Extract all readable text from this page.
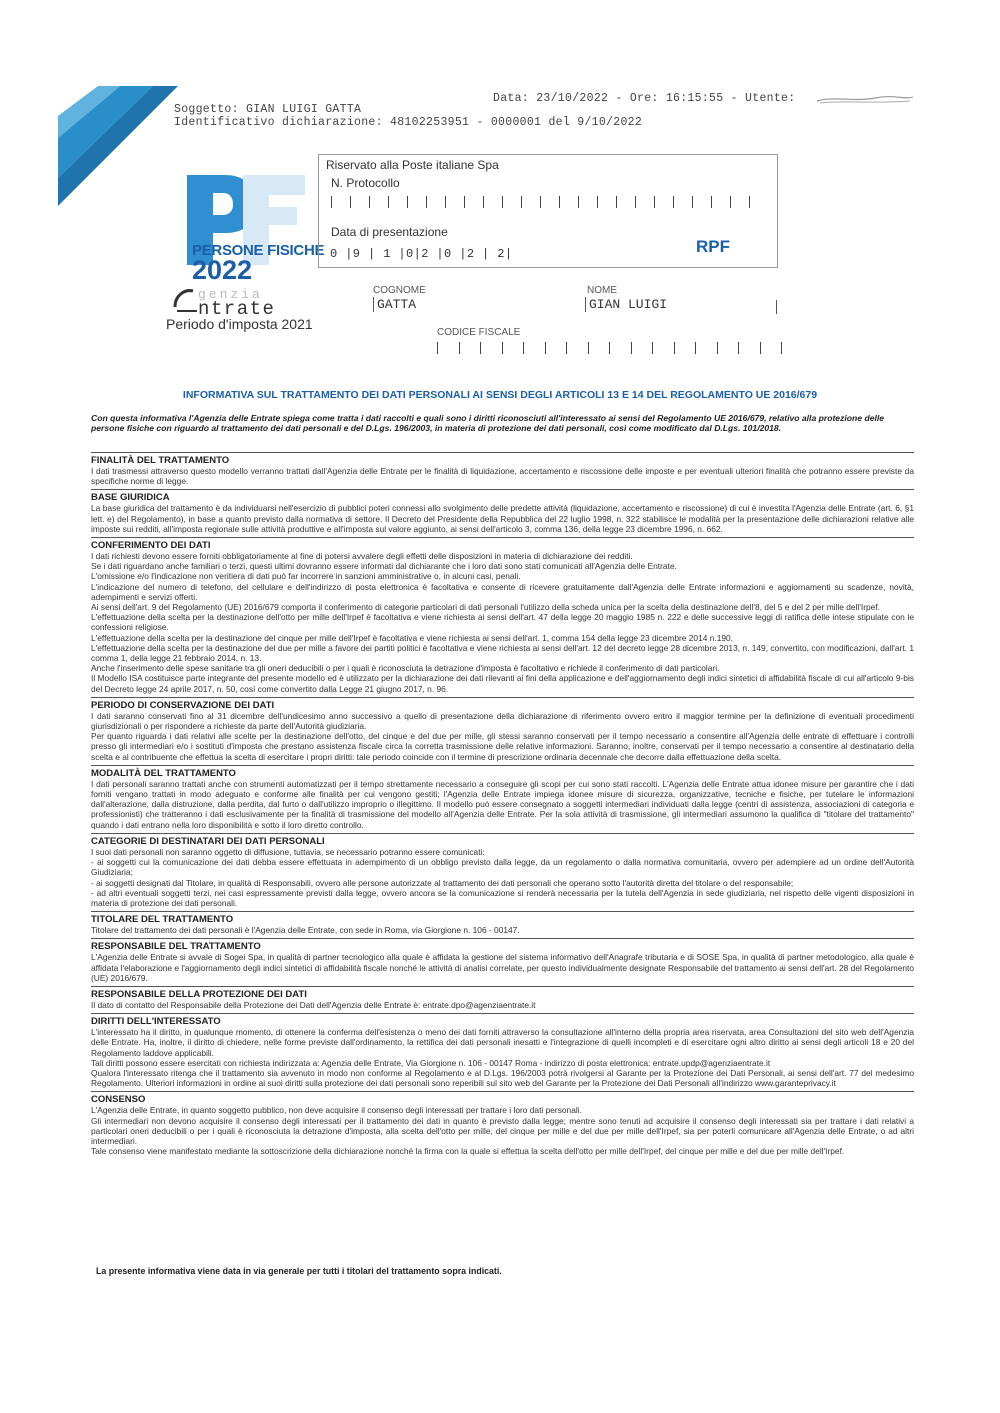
Soggetto: GIAN LUIGI GATTA
Identificativo dichiarazione: 48102253951 - 0000001 del 9/10/2022
Data: 23/10/2022 - Ore: 16:15:55 - Utente:
PERSONE FISICHE
2022
genzia
ntrate
Periodo d'imposta 2021
Riservato alla Poste italiane Spa
N. Protocollo
Data di presentazione
0 |9 | 1 |0|2 |0 |2 | 2|	RPF
COGNOME
GATTA
NOME
GIAN LUIGI
CODICE FISCALE
INFORMATIVA SUL TRATTAMENTO DEI DATI PERSONALI AI SENSI DEGLI ARTICOLI 13 E 14 DEL REGOLAMENTO UE 2016/679
Con questa informativa l'Agenzia delle Entrate spiega come tratta i dati raccolti e quali sono i diritti riconosciuti all'interessato ai sensi del Regolamento UE 2016/679, relativo alla protezione delle persone fisiche con riguardo al trattamento dei dati personali e del D.Lgs. 196/2003, in materia di protezione dei dati personali, così come modificato dal D.Lgs. 101/2018.
FINALITÀ DEL TRATTAMENTO
I dati trasmessi attraverso questo modello verranno trattati dall'Agenzia delle Entrate per le finalità di liquidazione, accertamento e riscossione delle imposte e per eventuali ulteriori finalità che potranno essere previste da specifiche norme di legge.
BASE GIURIDICA
La base giuridica del trattamento è da individuarsi nell'esercizio di pubblici poteri connessi allo svolgimento delle predette attività (liquidazione, accertamento e riscossione) di cui è investita l'Agenzia delle Entrate (art. 6, §1 lett. e) del Regolamento), in base a quanto previsto dalla normativa di settore. Il Decreto del Presidente della Repubblica del 22 luglio 1998, n. 322 stabilisce le modalità per la presentazione delle dichiarazioni relative alle imposte sui redditi, all'imposta regionale sulle attività produttive e all'imposta sul valore aggiunto, ai sensi dell'articolo 3, comma 136, della legge 23 dicembre 1996, n. 662.
CONFERIMENTO DEI DATI
I dati richiesti devono essere forniti obbligatoriamente al fine di potersi avvalere degli effetti delle disposizioni in materia di dichiarazione dei redditi.
Se i dati riguardano anche familiari o terzi, questi ultimi dovranno essere informati dal dichiarante che i loro dati sono stati comunicati all'Agenzia delle Entrate.
L'omissione e/o l'indicazione non veritiera di dati può far incorrere in sanzioni amministrative o, in alcuni casi, penali.
L'indicazione del numero di telefono, del cellulare e dell'indirizzo di posta elettronica è facoltativa e consente di ricevere gratuitamente dall'Agenzia delle Entrate informazioni e aggiornamenti su scadenze, novità, adempimenti e servizi offerti.
Ai sensi dell'art. 9 del Regolamento (UE) 2016/679 comporta il conferimento di categorie particolari di dati personali l'utilizzo della scheda unica per la scelta della destinazione dell'8, del 5 e del 2 per mille dell'Irpef.
L'effettuazione della scelta per la destinazione dell'otto per mille dell'Irpef è facoltativa e viene richiesta ai sensi dell'art. 47 della legge 20 maggio 1985 n. 222 e delle successive leggi di ratifica delle intese stipulate con le confessioni religiose.
L'effettuazione della scelta per la destinazione del cinque per mille dell'Irpef è facoltativa e viene richiesta ai sensi dell'art. 1, comma 154 della legge 23 dicembre 2014 n.190.
L'effettuazione della scelta per la destinazione del due per mille a favore dei partiti politici è facoltativa e viene richiesta ai sensi dell'art. 12 del decreto legge 28 dicembre 2013, n. 149, convertito, con modificazioni, dall'art. 1 comma 1, della legge 21 febbraio 2014, n. 13.
Anche l'inserimento delle spese sanitarie tra gli oneri deducibili o per i quali è riconosciuta la detrazione d'imposta è facoltativo e richiede il conferimento di dati particolari.
Il Modello ISA costituisce parte integrante del presente modello ed è utilizzato per la dichiarazione dei dati rilevanti ai fini della applicazione e dell'aggiornamento degli indici sintetici di affidabilità fiscale di cui all'articolo 9-bis del Decreto legge 24 aprile 2017, n. 50, così come convertito dalla Legge 21 giugno 2017, n. 96.
PERIODO DI CONSERVAZIONE DEI DATI
I dati saranno conservati fino al 31 dicembre dell'undicesimo anno successivo a quello di presentazione della dichiarazione di riferimento ovvero entro il maggior termine per la definizione di eventuali procedimenti giurisdizionali o per rispondere a richieste da parte dell'Autorità giudiziaria.
Per quanto riguarda i dati relativi alle scelte per la destinazione dell'otto, del cinque e del due per mille, gli stessi saranno conservati per il tempo necessario a consentire all'Agenzia delle entrate di effettuare i controlli presso gli intermediari e/o i sostituti d'imposta che prestano assistenza fiscale circa la corretta trasmissione delle relative informazioni. Saranno, inoltre, conservati per il tempo necessario a consentire al destinatario della scelta e al contribuente che effettua la scelta di esercitare i propri diritti: tale periodo coincide con il termine di prescrizione ordinaria decennale che decorre dalla effettuazione della scelta.
MODALITÀ DEL TRATTAMENTO
I dati personali saranno trattati anche con strumenti automatizzati per il tempo strettamente necessario a conseguire gli scopi per cui sono stati raccolti. L'Agenzia delle Entrate attua idonee misure per garantire che i dati forniti vengano trattati in modo adeguato e conforme alle finalità per cui vengono gestiti; l'Agenzia delle Entrate impiega idonee misure di sicurezza, organizzative, tecniche e fisiche, per tutelare le informazioni dall'alterazione, dalla distruzione, dalla perdita, dal furto o dall'utilizzo improprio o illegittimo. Il modello può essere consegnato a soggetti intermediari individuati dalla legge (centri di assistenza, associazioni di categoria e professionisti) che tratteranno i dati esclusivamente per la finalità di trasmissione del modello all'Agenzia delle Entrate. Per la sola attività di trasmissione, gli intermediari assumono la qualifica di "titolare del trattamento" quando i dati entrano nella loro disponibilità e sotto il loro diretto controllo.
CATEGORIE DI DESTINATARI DEI DATI PERSONALI
I suoi dati personali non saranno oggetto di diffusione, tuttavia, se necessario potranno essere comunicati:
- ai soggetti cui la comunicazione dei dati debba essere effettuata in adempimento di un obbligo previsto dalla legge, da un regolamento o dalla normativa comunitaria, ovvero per adempiere ad un ordine dell'Autorità Giudiziaria;
- ai soggetti designati dal Titolare, in qualità di Responsabili, ovvero alle persone autorizzate al trattamento dei dati personali che operano sotto l'autorità diretta del titolare o del responsabile;
- ad altri eventuali soggetti terzi, nei casi espressamente previsti dalla legge, ovvero ancora se la comunicazione si renderà necessaria per la tutela dell'Agenzia in sede giudiziaria, nel rispetto delle vigenti disposizioni in materia di protezione dei dati personali.
TITOLARE DEL TRATTAMENTO
Titolare del trattamento dei dati personali è l'Agenzia delle Entrate, con sede in Roma, via Giorgione n. 106 - 00147.
RESPONSABILE DEL TRATTAMENTO
L'Agenzia delle Entrate si avvale di Sogei Spa, in qualità di partner tecnologico alla quale è affidata la gestione del sistema informativo dell'Anagrafe tributaria e di SOSE Spa, in qualità di partner metodologico, alla quale è affidata l'elaborazione e l'aggiornamento degli indici sintetici di affidabilità fiscale nonché le attività di analisi correlate, per questo individualmente designate Responsabile del trattamento ai sensi dell'art. 28 del Regolamento (UE) 2016/679.
RESPONSABILE DELLA PROTEZIONE DEI DATI
Il dato di contatto del Responsabile della Protezione dei Dati dell'Agenzia delle Entrate è: entrate.dpo@agenziaentrate.it
DIRITTI DELL'INTERESSATO
L'interessato ha il diritto, in qualunque momento, di ottenere la conferma dell'esistenza o meno dei dati forniti attraverso la consultazione all'interno della propria area riservata, area Consultazioni del sito web dell'Agenzia delle Entrate. Ha, inoltre, il diritto di chiedere, nelle forme previste dall'ordinamento, la rettifica dei dati personali inesatti e l'integrazione di quelli incompleti e di esercitare ogni altro diritto ai sensi degli articoli 18 e 20 del Regolamento laddove applicabili.
Tali diritti possono essere esercitati con richiesta indirizzata a: Agenzia delle Entrate, Via Giorgione n. 106 - 00147 Roma - indirizzo di posta elettronica: entrate.updp@agenziaentrate.it
Qualora l'interessato ritenga che il trattamento sia avvenuto in modo non conforme al Regolamento e al D.Lgs. 196/2003 potrà rivolgersi al Garante per la Protezione dei Dati Personali, ai sensi dell'art. 77 del medesimo Regolamento. Ulteriori informazioni in ordine ai suoi diritti sulla protezione dei dati personali sono reperibili sul sito web del Garante per la Protezione dei Dati Personali all'indirizzo www.garanteprivacy.it
CONSENSO
L'Agenzia delle Entrate, in quanto soggetto pubblico, non deve acquisire il consenso degli interessati per trattare i loro dati personali.
Gli intermediari non devono acquisire il consenso degli interessati per il trattamento dei dati in quanto è previsto dalla legge; mentre sono tenuti ad acquisire il consenso degli interessati sia per trattare i dati relativi a particolari oneri deducibili o per i quali è riconosciuta la detrazione d'imposta, alla scelta dell'otto per mille, del cinque per mille e del due per mille dell'Irpef, sia per poterli comunicare all'Agenzia delle Entrate, o ad altri intermediari.
Tale consenso viene manifestato mediante la sottoscrizione della dichiarazione nonché la firma con la quale si effettua la scelta dell'otto per mille dell'Irpef, del cinque per mille e del due per mille dell'Irpef.
La presente informativa viene data in via generale per tutti i titolari del trattamento sopra indicati.
